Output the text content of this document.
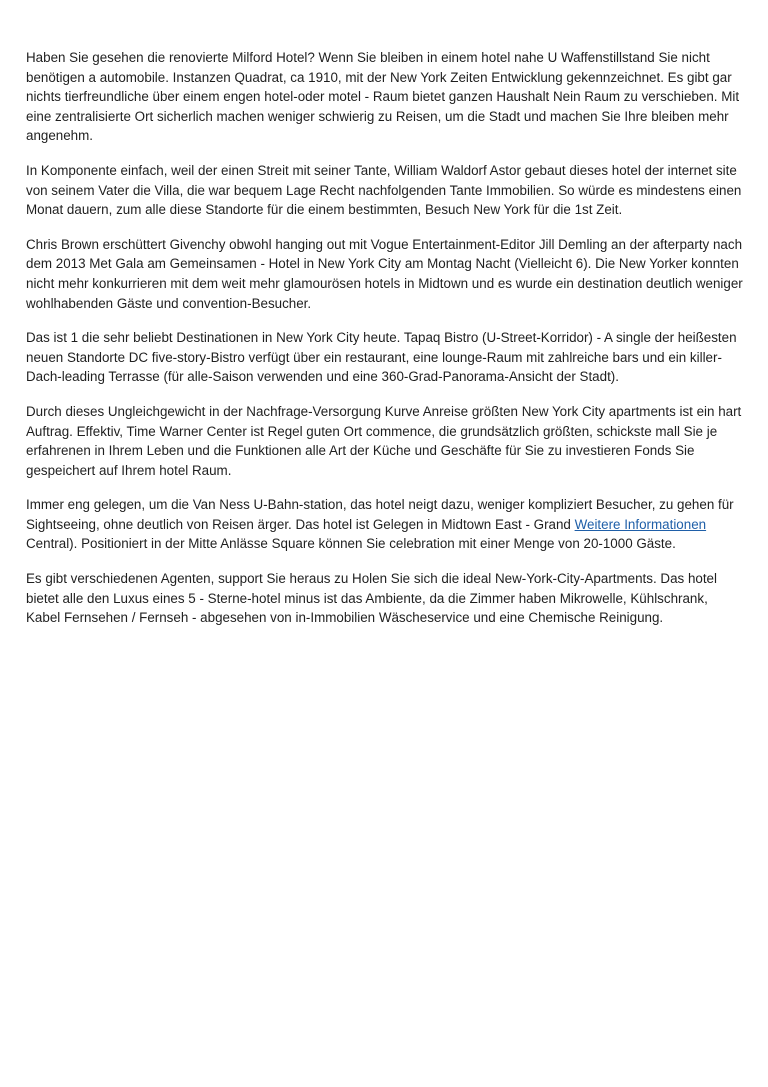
Haben Sie gesehen die renovierte Milford Hotel? Wenn Sie bleiben in einem hotel nahe U Waffenstillstand Sie nicht benötigen a automobile. Instanzen Quadrat, ca 1910, mit der New York Zeiten Entwicklung gekennzeichnet. Es gibt gar nichts tierfreundliche über einem engen hotel-oder motel - Raum bietet ganzen Haushalt Nein Raum zu verschieben. Mit eine zentralisierte Ort sicherlich machen weniger schwierig zu Reisen, um die Stadt und machen Sie Ihre bleiben mehr angenehm.

In Komponente einfach, weil der einen Streit mit seiner Tante, William Waldorf Astor gebaut dieses hotel der internet site von seinem Vater die Villa, die war bequem Lage Recht nachfolgenden Tante Immobilien. So würde es mindestens einen Monat dauern, zum alle diese Standorte für die einem bestimmten, Besuch New York für die 1st Zeit.

Chris Brown erschüttert Givenchy obwohl hanging out mit Vogue Entertainment-Editor Jill Demling an der afterparty nach dem 2013 Met Gala am Gemeinsamen - Hotel in New York City am Montag Nacht (Vielleicht 6). Die New Yorker konnten nicht mehr konkurrieren mit dem weit mehr glamourösen hotels in Midtown und es wurde ein destination deutlich weniger wohlhabenden Gäste und convention-Besucher.

Das ist 1 die sehr beliebt Destinationen in New York City heute. Tapaq Bistro (U-Street-Korridor) - A single der heißesten neuen Standorte DC five-story-Bistro verfügt über ein restaurant, eine lounge-Raum mit zahlreiche bars und ein killer-Dach-leading Terrasse (für alle-Saison verwenden und eine 360-Grad-Panorama-Ansicht der Stadt).

Durch dieses Ungleichgewicht in der Nachfrage-Versorgung Kurve Anreise größten New York City apartments ist ein hart Auftrag. Effektiv, Time Warner Center ist Regel guten Ort commence, die grundsätzlich größten, schickste mall Sie je erfahrenen in Ihrem Leben und die Funktionen alle Art der Küche und Geschäfte für Sie zu investieren Fonds Sie gespeichert auf Ihrem hotel Raum.

Immer eng gelegen, um die Van Ness U-Bahn-station, das hotel neigt dazu, weniger kompliziert Besucher, zu gehen für Sightseeing, ohne deutlich von Reisen ärger. Das hotel ist Gelegen in Midtown East - Grand Weitere Informationen Central). Positioniert in der Mitte Anlässe Square können Sie celebration mit einer Menge von 20-1000 Gäste.

Es gibt verschiedenen Agenten, support Sie heraus zu Holen Sie sich die ideal New-York-City-Apartments. Das hotel bietet alle den Luxus eines 5 - Sterne-hotel minus ist das Ambiente, da die Zimmer haben Mikrowelle, Kühlschrank, Kabel Fernsehen / Fernseh - abgesehen von in-Immobilien Wäscheservice und eine Chemische Reinigung.
